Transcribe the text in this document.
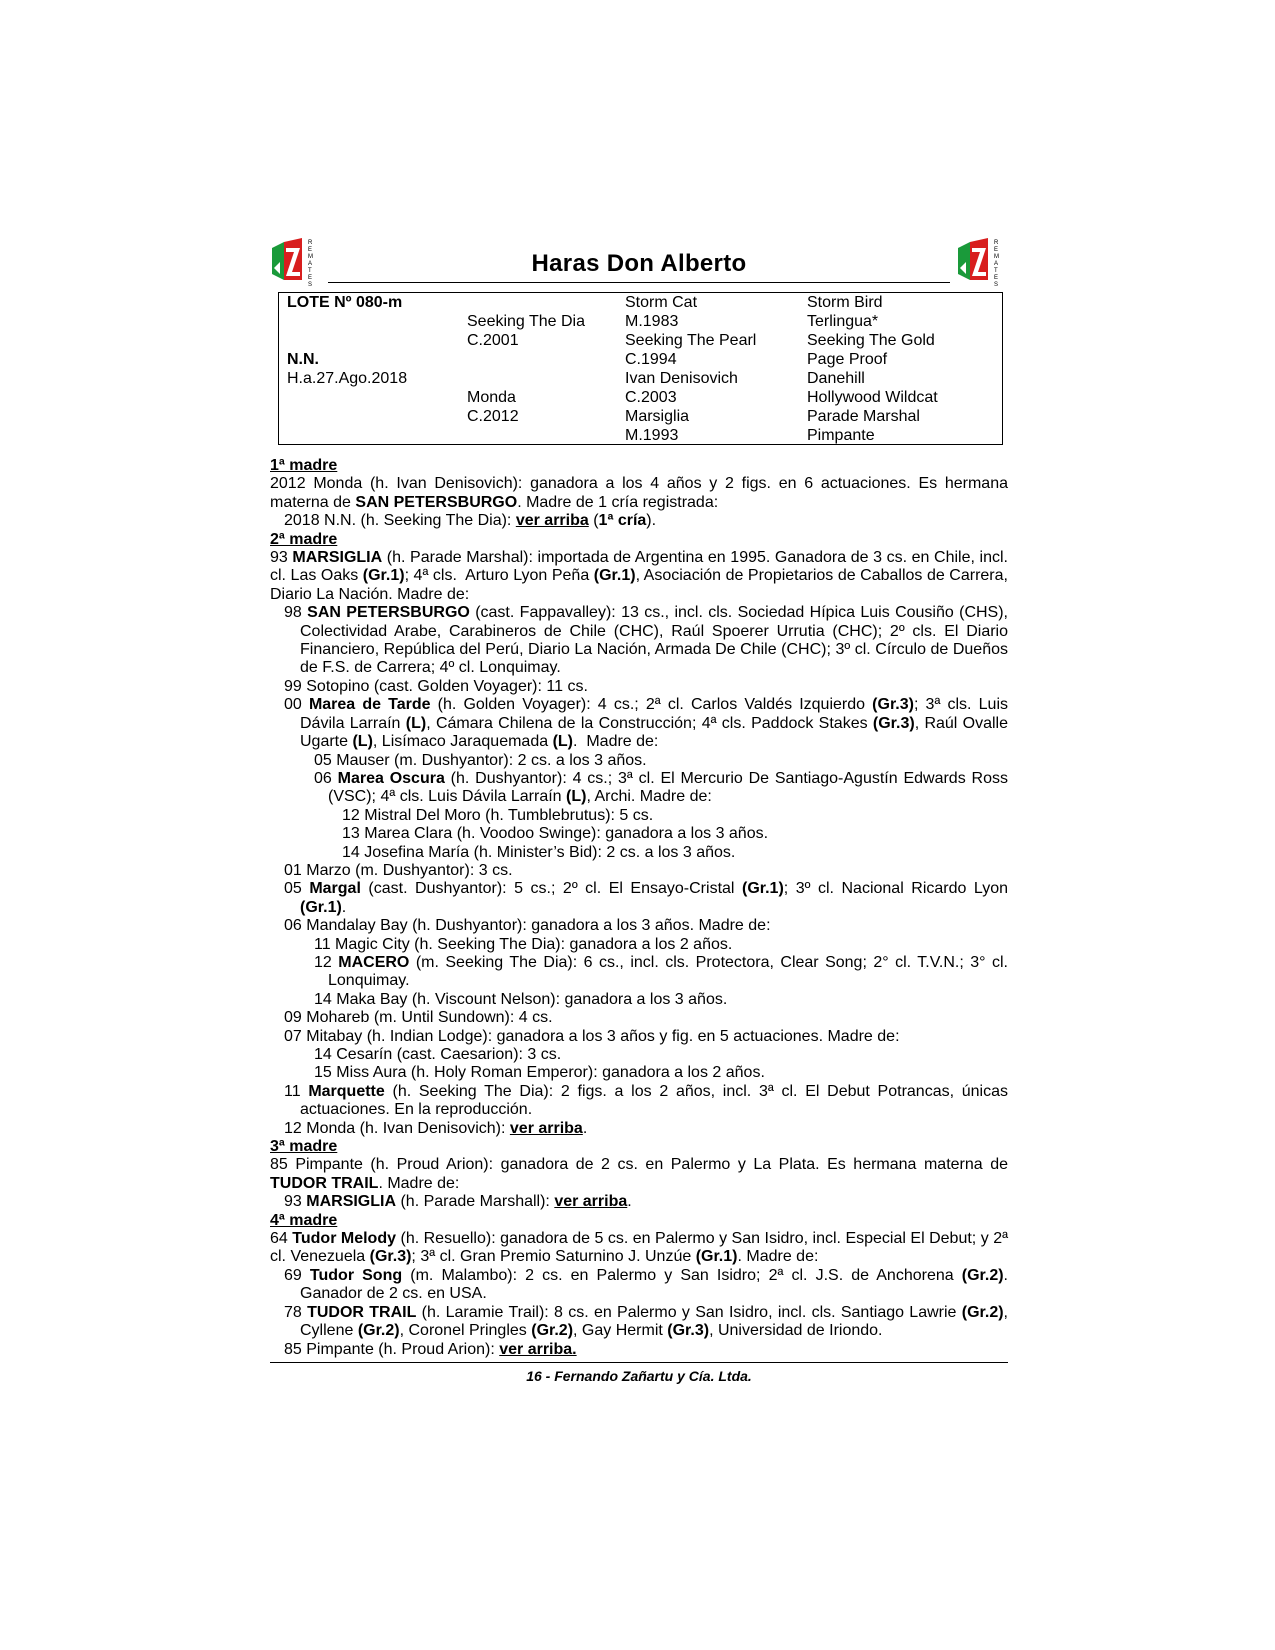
R
E
M
A
T
E
S
Haras Don Alberto
R
E
M
A
T
E
S
LOTE Nº 080-m
N.N.
H.a.27.Ago.2018
Seeking The Dia
C.2001
Monda
C.2012
Storm Cat
M.1983
Seeking The Pearl
C.1994
Ivan Denisovich
C.2003
Marsiglia
M.1993
Storm Bird
Terlingua*
Seeking The Gold
Page Proof
Danehill
Hollywood Wildcat
Parade Marshal
Pimpante

1ª madre

2012 Monda (h. Ivan Denisovich): ganadora a los 4 años y 2 figs. en 6 actuaciones. Es hermana materna de SAN PETERSBURGO. Madre de 1 cría registrada:

2018 N.N. (h. Seeking The Dia): ver arriba (1ª cría).

2ª madre

93 MARSIGLIA (h. Parade Marshal): importada de Argentina en 1995. Ganadora de 3 cs. en Chile, incl. cl. Las Oaks (Gr.1); 4ª cls.  Arturo Lyon Peña (Gr.1), Asociación de Propietarios de Caballos de Carrera, Diario La Nación. Madre de:

98 SAN PETERSBURGO (cast. Fappavalley): 13 cs., incl. cls. Sociedad Hípica Luis Cousiño (CHS), Colectividad Arabe, Carabineros de Chile (CHC), Raúl Spoerer Urrutia (CHC); 2º cls. El Diario Financiero, República del Perú, Diario La Nación, Armada De Chile (CHC); 3º cl. Círculo de Dueños de F.S. de Carrera; 4º cl. Lonquimay.

99 Sotopino (cast. Golden Voyager): 11 cs.

00 Marea de Tarde (h. Golden Voyager): 4 cs.; 2ª cl. Carlos Valdés Izquierdo (Gr.3); 3ª cls. Luis Dávila Larraín (L), Cámara Chilena de la Construcción; 4ª cls. Paddock Stakes (Gr.3), Raúl Ovalle Ugarte (L), Lisímaco Jaraquemada (L).  Madre de:

05 Mauser (m. Dushyantor): 2 cs. a los 3 años.

06 Marea Oscura (h. Dushyantor): 4 cs.; 3ª cl. El Mercurio De Santiago-Agustín Edwards Ross (VSC); 4ª cls. Luis Dávila Larraín (L), Archi. Madre de:

12 Mistral Del Moro (h. Tumblebrutus): 5 cs.

13 Marea Clara (h. Voodoo Swinge): ganadora a los 3 años.

14 Josefina María (h. Minister’s Bid): 2 cs. a los 3 años.

01 Marzo (m. Dushyantor): 3 cs.

05 Margal (cast. Dushyantor): 5 cs.; 2º cl. El Ensayo-Cristal (Gr.1); 3º cl. Nacional Ricardo Lyon (Gr.1).

06 Mandalay Bay (h. Dushyantor): ganadora a los 3 años. Madre de:

11 Magic City (h. Seeking The Dia): ganadora a los 2 años.

12 MACERO (m. Seeking The Dia): 6 cs., incl. cls. Protectora, Clear Song; 2° cl. T.V.N.; 3° cl. Lonquimay.

14 Maka Bay (h. Viscount Nelson): ganadora a los 3 años.

09 Mohareb (m. Until Sundown): 4 cs.

07 Mitabay (h. Indian Lodge): ganadora a los 3 años y fig. en 5 actuaciones. Madre de:

14 Cesarín (cast. Caesarion): 3 cs.

15 Miss Aura (h. Holy Roman Emperor): ganadora a los 2 años.

11 Marquette (h. Seeking The Dia): 2 figs. a los 2 años, incl. 3ª cl. El Debut Potrancas, únicas actuaciones. En la reproducción.

12 Monda (h. Ivan Denisovich): ver arriba.

3ª madre

85 Pimpante (h. Proud Arion): ganadora de 2 cs. en Palermo y La Plata. Es hermana materna de TUDOR TRAIL. Madre de:

93 MARSIGLIA (h. Parade Marshall): ver arriba.

4ª madre

64 Tudor Melody (h. Resuello): ganadora de 5 cs. en Palermo y San Isidro, incl. Especial El Debut; y 2ª cl. Venezuela (Gr.3); 3ª cl. Gran Premio Saturnino J. Unzúe (Gr.1). Madre de:

69 Tudor Song (m. Malambo): 2 cs. en Palermo y San Isidro; 2ª cl. J.S. de Anchorena (Gr.2). Ganador de 2 cs. en USA.

78 TUDOR TRAIL (h. Laramie Trail): 8 cs. en Palermo y San Isidro, incl. cls. Santiago Lawrie (Gr.2), Cyllene (Gr.2), Coronel Pringles (Gr.2), Gay Hermit (Gr.3), Universidad de Iriondo.

85 Pimpante (h. Proud Arion): ver arriba.

16 - Fernando Zañartu y Cía. Ltda.
